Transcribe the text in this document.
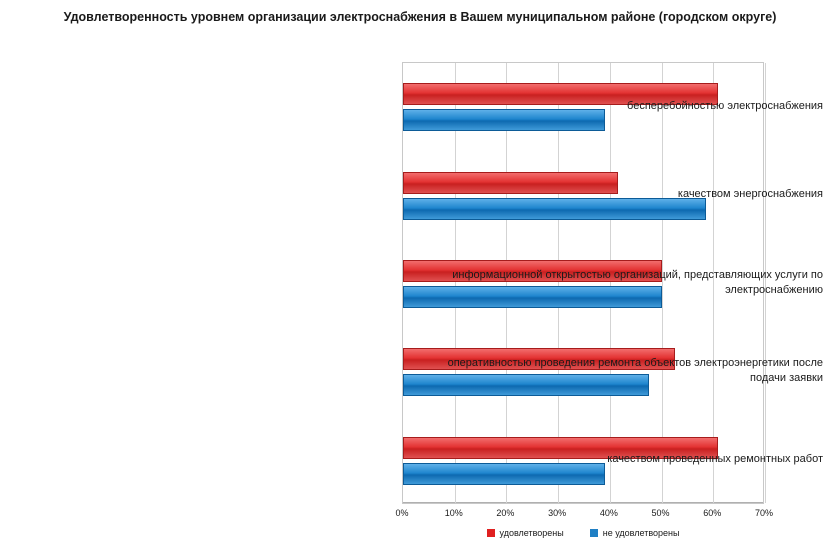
Удовлетворенность уровнем организации электроснабжения в Вашем муниципальном районе (городском округе)
бесперебойностью электроснабжения
качеством энергоснабжения
информационной открытостью организаций, представляющих услуги по электроснабжению
оперативностью проведения ремонта объектов электроэнергетики после подачи заявки
качеством проведенных ремонтных работ
0%	10%	20%	30%	40%	50%	60%	70%
удовлетворены	не удовлетворены
